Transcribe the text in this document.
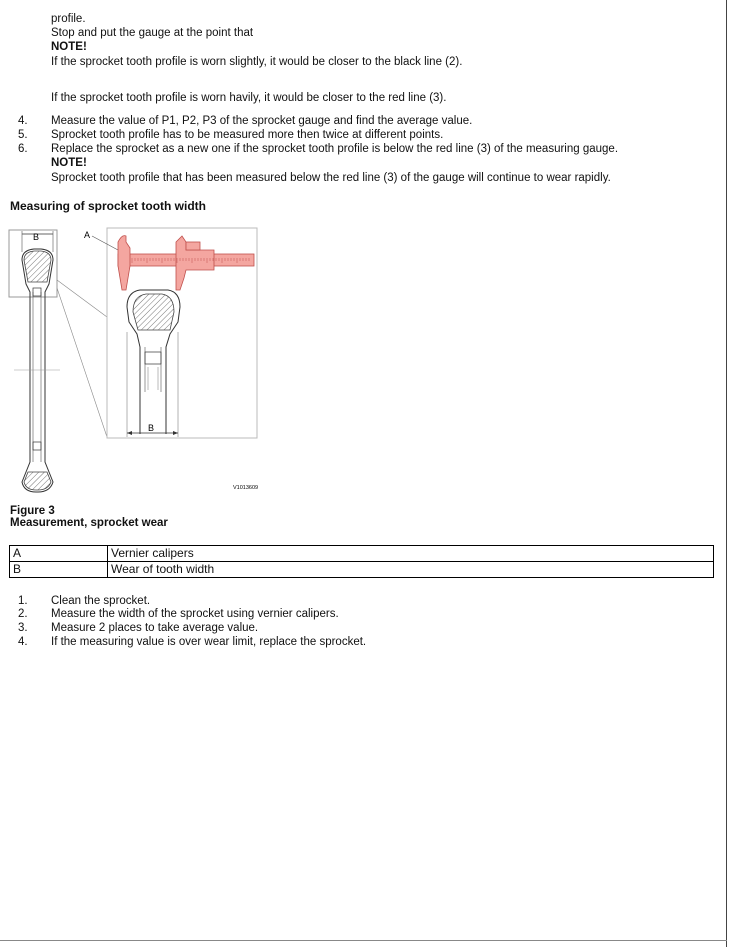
profile.
Stop and put the gauge at the point that
NOTE!
If the sprocket tooth profile is worn slightly, it would be closer to the black line (2).
If the sprocket tooth profile is worn havily, it would be closer to the red line (3).
4. Measure the value of P1, P2, P3 of the sprocket gauge and find the average value.
5. Sprocket tooth profile has to be measured more then twice at different points.
6. Replace the sprocket as a new one if the sprocket tooth profile is below the red line (3) of the measuring gauge.
NOTE!
Sprocket tooth profile that has been measured below the red line (3) of the gauge will continue to wear rapidly.
Measuring of sprocket tooth width
B	A
B
V1013609
Figure 3
Measurement, sprocket wear
A	Vernier calipers
B	Wear of tooth width
1. Clean the sprocket.
2. Measure the width of the sprocket using vernier calipers.
3. Measure 2 places to take average value.
4. If the measuring value is over wear limit, replace the sprocket.
